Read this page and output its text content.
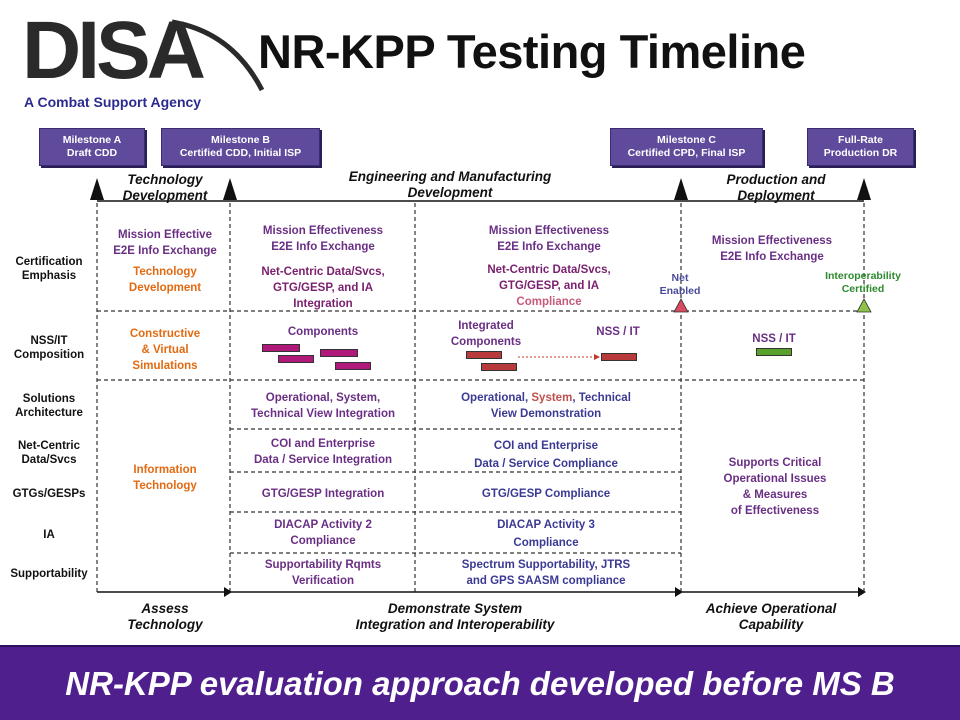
DISA
A Combat Support Agency
NR-KPP Testing Timeline
Milestone A
Draft CDD
Milestone B
Certified CDD, Initial ISP
Milestone C
Certified CPD, Final ISP
Full-Rate
Production DR
Technology
Development
Engineering and Manufacturing
Development
Production and
Deployment
Certification
Emphasis
NSS/IT
Composition
Solutions
Architecture
Net-Centric
Data/Svcs
GTGs/GESPs
IA
Supportability
Mission Effective
E2E Info Exchange
Technology
Development
Constructive
& Virtual
Simulations
Information
Technology
Mission Effectiveness
E2E Info Exchange
Net-Centric Data/Svcs,
GTG/GESP, and IA
Integration
Components
Operational, System,
Technical View Integration
COI and Enterprise
Data / Service Integration
GTG/GESP Integration
DIACAP Activity 2
Compliance
Supportability Rqmts
Verification
Mission Effectiveness
E2E Info Exchange
Net-Centric Data/Svcs,
GTG/GESP, and IA
Compliance
Integrated
Components
NSS / IT
Operational, System, Technical
View Demonstration
COI and Enterprise
Data / Service Compliance
GTG/GESP Compliance
DIACAP Activity 3
Compliance
Spectrum Supportability, JTRS
and GPS SAASM compliance
Mission Effectiveness
E2E Info Exchange
Net
Enabled
Interoperability
Certified
NSS / IT
Supports Critical
Operational Issues
& Measures
of Effectiveness
Assess
Technology
Demonstrate System
Integration and Interoperability
Achieve Operational
Capability
NR-KPP evaluation approach developed before MS B
